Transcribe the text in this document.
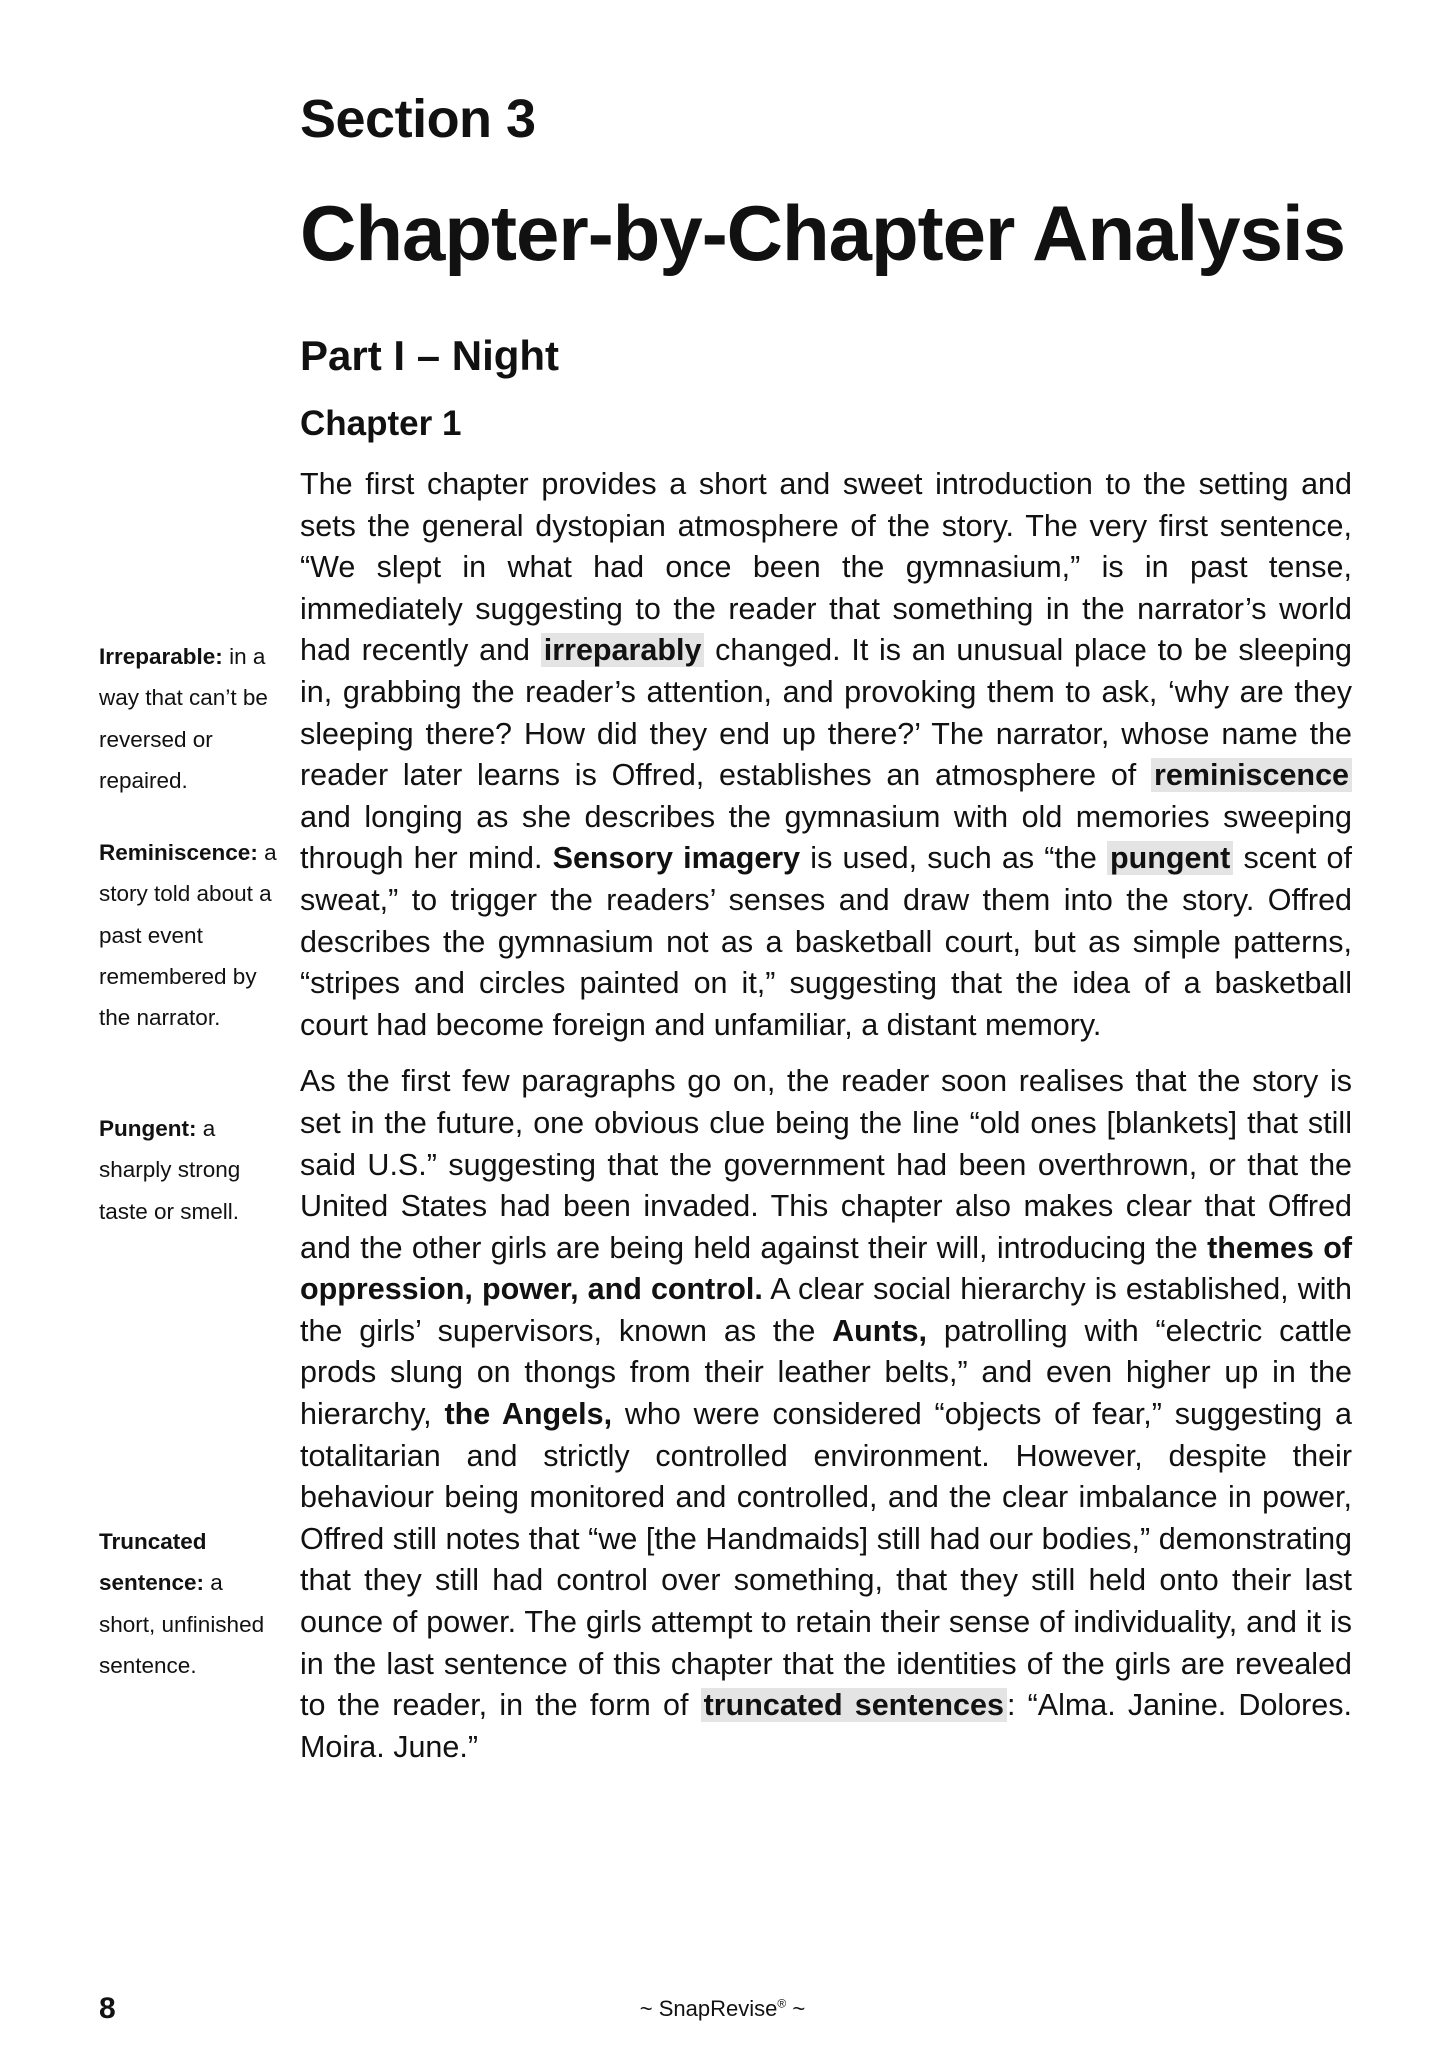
Section 3
Chapter-by-Chapter Analysis
Part I – Night
Chapter 1

The first chapter provides a short and sweet introduction to the setting and sets the general dystopian atmosphere of the story. The very first sentence, “We slept in what had once been the gymnasium,” is in past tense, immediately suggesting to the reader that something in the narrator’s world had recently and irreparably changed. It is an unusual place to be sleeping in, grabbing the reader’s attention, and provoking them to ask, ‘why are they sleeping there? How did they end up there?’ The narrator, whose name the reader later learns is Offred, establishes an atmosphere of reminiscence and longing as she describes the gymnasium with old memories sweeping through her mind. Sensory imagery is used, such as “the pungent scent of sweat,” to trigger the readers’ senses and draw them into the story. Offred describes the gymnasium not as a basketball court, but as simple patterns, “stripes and circles painted on it,” suggesting that the idea of a basketball court had become foreign and unfamiliar, a distant memory.

As the first few paragraphs go on, the reader soon realises that the story is set in the future, one obvious clue being the line “old ones [blankets] that still said U.S.” suggesting that the government had been overthrown, or that the United States had been invaded. This chapter also makes clear that Offred and the other girls are being held against their will, introducing the themes of oppression, power, and control. A clear social hierarchy is established, with the girls’ supervisors, known as the Aunts, patrolling with “electric cattle prods slung on thongs from their leather belts,” and even higher up in the hierarchy, the Angels, who were considered “objects of fear,” suggesting a totalitarian and strictly controlled environment. However, despite their behaviour being monitored and controlled, and the clear imbalance in power, Offred still notes that “we [the Handmaids] still had our bodies,” demonstrating that they still had control over something, that they still held onto their last ounce of power. The girls attempt to retain their sense of individuality, and it is in the last sentence of this chapter that the identities of the girls are revealed to the reader, in the form of truncated sentences: “Alma. Janine. Dolores. Moira. June.”

Irreparable: in a way that can’t be reversed or repaired.

Reminiscence: a story told about a past event remembered by the narrator.

Pungent: a sharply strong taste or smell.

Truncated sentence: a short, unfinished sentence.

8	~ SnapRevise® ~
